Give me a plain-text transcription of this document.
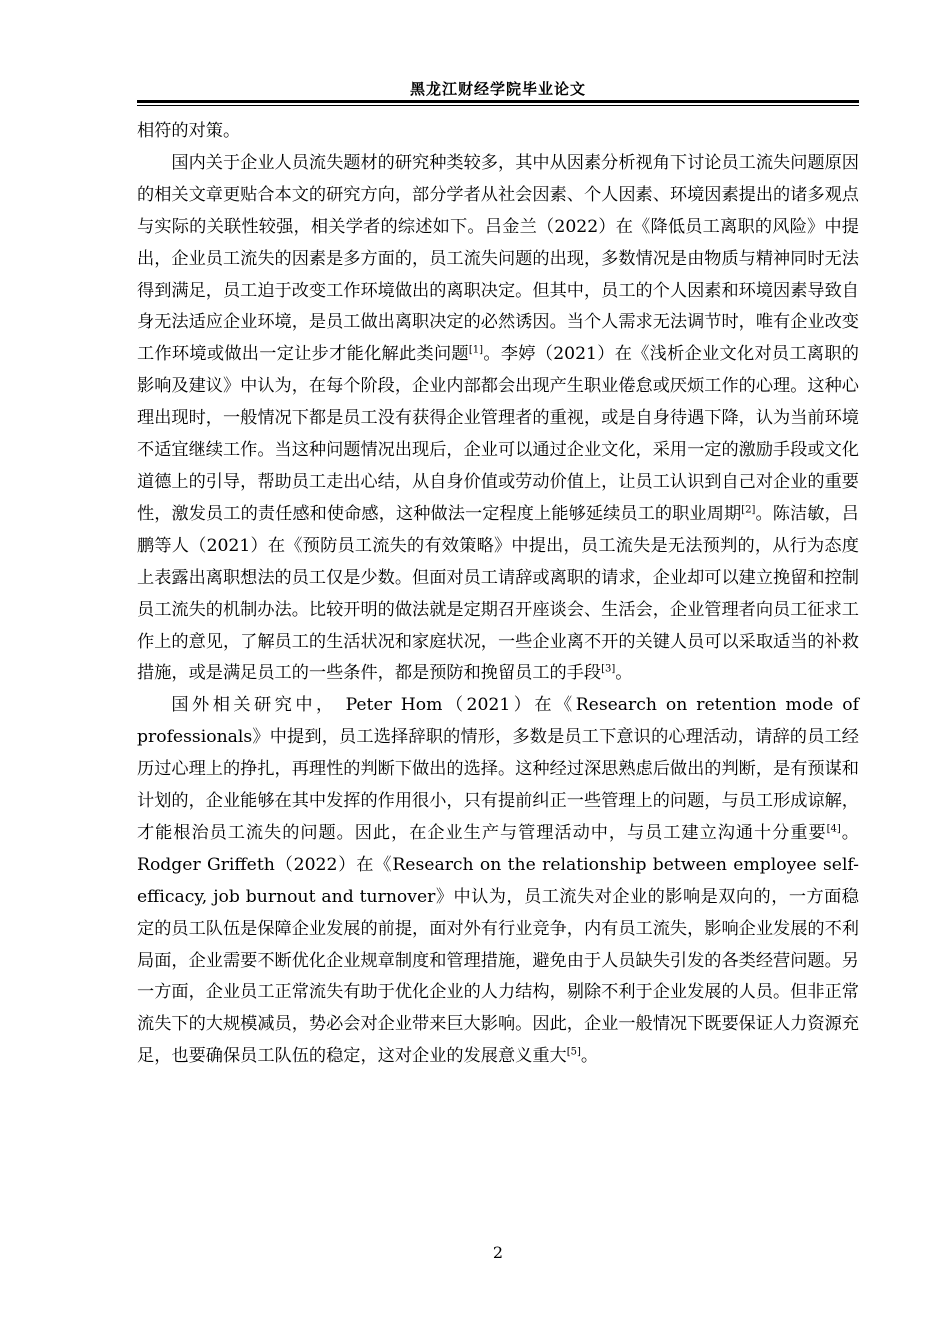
黑龙江财经学院毕业论文

相符的对策。

国内关于企业人员流失题材的研究种类较多，其中从因素分析视角下讨论员工流失问题原因的相关文章更贴合本文的研究方向，部分学者从社会因素、个人因素、环境因素提出的诸多观点与实际的关联性较强，相关学者的综述如下。吕金兰（2022）在《降低员工离职的风险》中提出，企业员工流失的因素是多方面的，员工流失问题的出现，多数情况是由物质与精神同时无法得到满足，员工迫于改变工作环境做出的离职决定。但其中，员工的个人因素和环境因素导致自身无法适应企业环境，是员工做出离职决定的必然诱因。当个人需求无法调节时，唯有企业改变工作环境或做出一定让步才能化解此类问题[1]。李婷（2021）在《浅析企业文化对员工离职的影响及建议》中认为，在每个阶段，企业内部都会出现产生职业倦怠或厌烦工作的心理。这种心理出现时，一般情况下都是员工没有获得企业管理者的重视，或是自身待遇下降，认为当前环境不适宜继续工作。当这种问题情况出现后，企业可以通过企业文化，采用一定的激励手段或文化道德上的引导，帮助员工走出心结，从自身价值或劳动价值上，让员工认识到自己对企业的重要性，激发员工的责任感和使命感，这种做法一定程度上能够延续员工的职业周期[2]。陈洁敏，吕鹏等人（2021）在《预防员工流失的有效策略》中提出，员工流失是无法预判的，从行为态度上表露出离职想法的员工仅是少数。但面对员工请辞或离职的请求，企业却可以建立挽留和控制员工流失的机制办法。比较开明的做法就是定期召开座谈会、生活会，企业管理者向员工征求工作上的意见，了解员工的生活状况和家庭状况，一些企业离不开的关键人员可以采取适当的补救措施，或是满足员工的一些条件，都是预防和挽留员工的手段[3]。

国外相关研究中， Peter Hom（2021）在《Research on retention mode of professionals》中提到，员工选择辞职的情形，多数是员工下意识的心理活动，请辞的员工经历过心理上的挣扎，再理性的判断下做出的选择。这种经过深思熟虑后做出的判断，是有预谋和计划的，企业能够在其中发挥的作用很小，只有提前纠正一些管理上的问题，与员工形成谅解，才能根治员工流失的问题。因此，在企业生产与管理活动中，与员工建立沟通十分重要[4]。Rodger Griffeth（2022）在《Research on the relationship between employee self-efficacy, job burnout and turnover》中认为，员工流失对企业的影响是双向的，一方面稳定的员工队伍是保障企业发展的前提，面对外有行业竞争，内有员工流失，影响企业发展的不利局面，企业需要不断优化企业规章制度和管理措施，避免由于人员缺失引发的各类经营问题。另一方面，企业员工正常流失有助于优化企业的人力结构，剔除不利于企业发展的人员。但非正常流失下的大规模减员，势必会对企业带来巨大影响。因此，企业一般情况下既要保证人力资源充足，也要确保员工队伍的稳定，这对企业的发展意义重大[5]。

2
